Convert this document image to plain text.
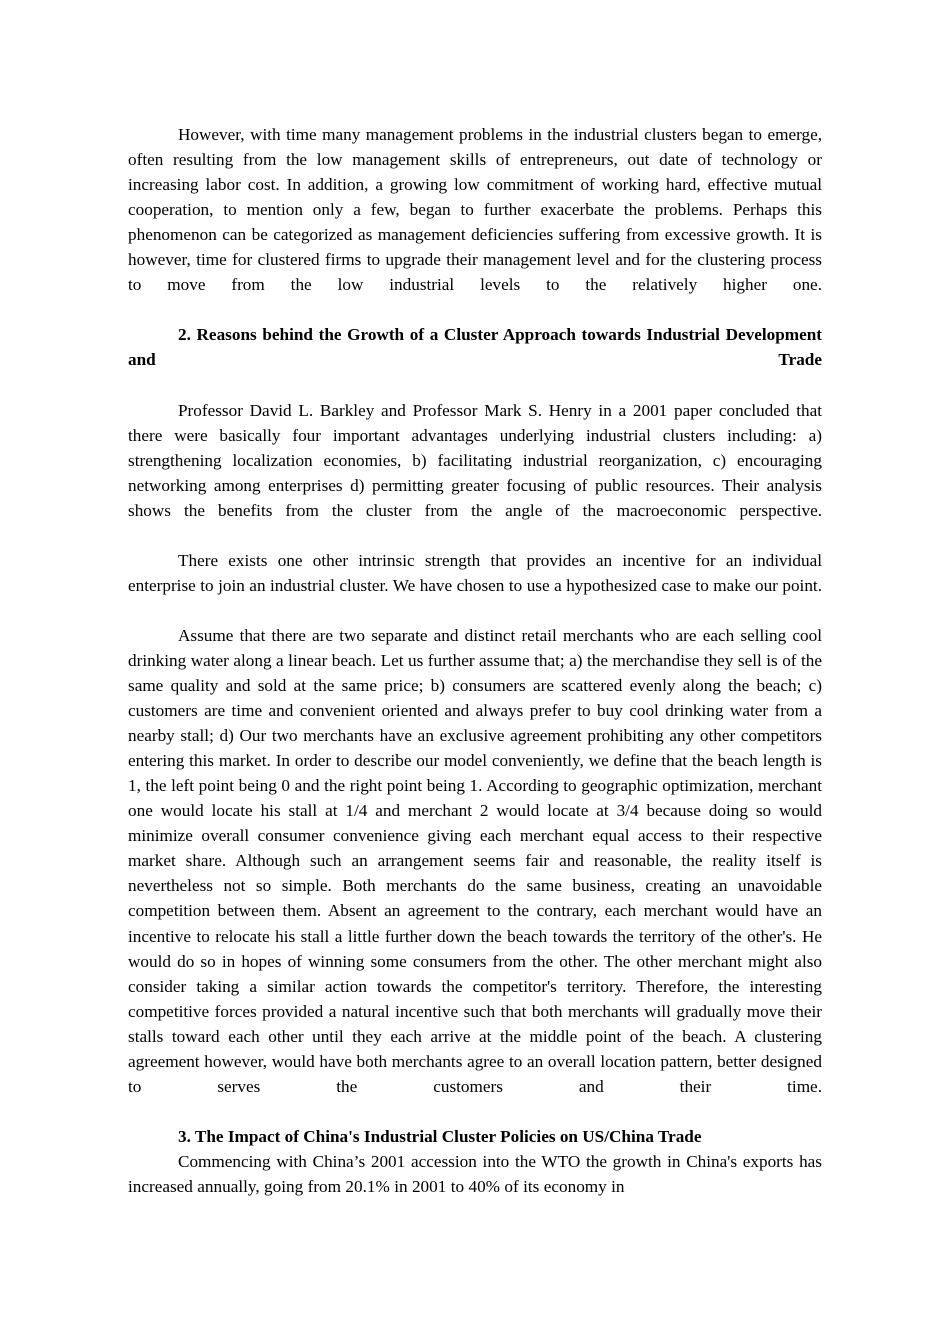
However, with time many management problems in the industrial clusters began to emerge, often resulting from the low management skills of entrepreneurs, out date of technology or increasing labor cost. In addition, a growing low commitment of working hard, effective mutual cooperation, to mention only a few, began to further exacerbate the problems. Perhaps this phenomenon can be categorized as management deficiencies suffering from excessive growth. It is however, time for clustered firms to upgrade their management level and for the clustering process to move from the low industrial levels to the relatively higher one.

2. Reasons behind the Growth of a Cluster Approach towards Industrial Development and Trade

Professor David L. Barkley and Professor Mark S. Henry in a 2001 paper concluded that there were basically four important advantages underlying industrial clusters including: a) strengthening localization economies, b) facilitating industrial reorganization, c) encouraging networking among enterprises d) permitting greater focusing of public resources. Their analysis shows the benefits from the cluster from the angle of the macroeconomic perspective.

There exists one other intrinsic strength that provides an incentive for an individual enterprise to join an industrial cluster. We have chosen to use a hypothesized case to make our point.

Assume that there are two separate and distinct retail merchants who are each selling cool drinking water along a linear beach. Let us further assume that; a) the merchandise they sell is of the same quality and sold at the same price; b) consumers are scattered evenly along the beach; c) customers are time and convenient oriented and always prefer to buy cool drinking water from a nearby stall; d) Our two merchants have an exclusive agreement prohibiting any other competitors entering this market. In order to describe our model conveniently, we define that the beach length is 1, the left point being 0 and the right point being 1. According to geographic optimization, merchant one would locate his stall at 1/4 and merchant 2 would locate at 3/4 because doing so would minimize overall consumer convenience giving each merchant equal access to their respective market share. Although such an arrangement seems fair and reasonable, the reality itself is nevertheless not so simple. Both merchants do the same business, creating an unavoidable competition between them. Absent an agreement to the contrary, each merchant would have an incentive to relocate his stall a little further down the beach towards the territory of the other's. He would do so in hopes of winning some consumers from the other. The other merchant might also consider taking a similar action towards the competitor's territory. Therefore, the interesting competitive forces provided a natural incentive such that both merchants will gradually move their stalls toward each other until they each arrive at the middle point of the beach. A clustering agreement however, would have both merchants agree to an overall location pattern, better designed to serves the customers and their time.

3. The Impact of China's Industrial Cluster Policies on US/China Trade

Commencing with China’s 2001 accession into the WTO the growth in China's exports has increased annually, going from 20.1% in 2001 to 40% of its economy in
